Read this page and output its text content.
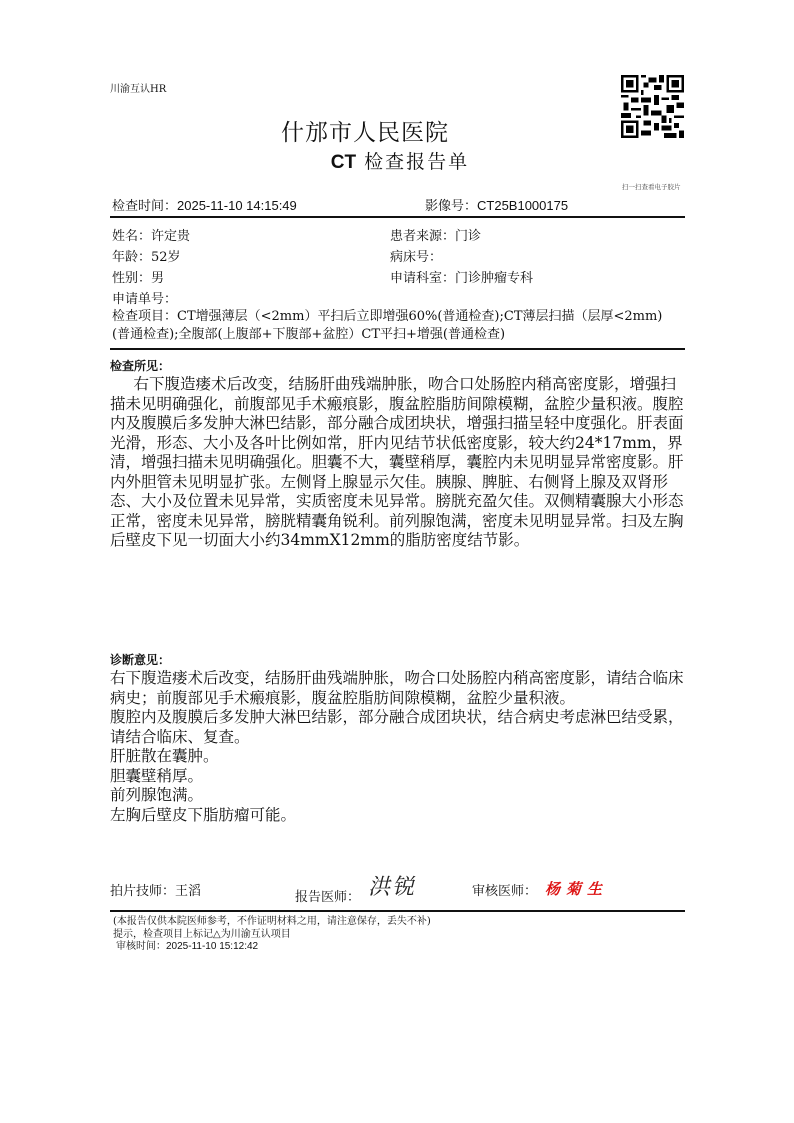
川渝互认HR
什邡市人民医院
CT 检查报告单
扫一扫查看电子胶片
检查时间：2025-11-10 14:15:49	影像号：CT25B1000175
姓名：许定贵	患者来源：门诊
年龄：52岁	病床号：
性别：男	申请科室：门诊肿瘤专科
申请单号：
检查项目：CT增强薄层（<2mm）平扫后立即增强60%(普通检查);CT薄层扫描（层厚<2mm)(普通检查);全腹部(上腹部+下腹部+盆腔）CT平扫+增强(普通检查)
检查所见：
　右下腹造瘘术后改变，结肠肝曲残端肿胀，吻合口处肠腔内稍高密度影，增强扫描未见明确强化，前腹部见手术瘢痕影，腹盆腔脂肪间隙模糊，盆腔少量积液。腹腔内及腹膜后多发肿大淋巴结影，部分融合成团块状，增强扫描呈轻中度强化。肝表面光滑，形态、大小及各叶比例如常，肝内见结节状低密度影，较大约24*17mm，界清，增强扫描未见明确强化。胆囊不大，囊壁稍厚，囊腔内未见明显异常密度影。肝内外胆管未见明显扩张。左侧肾上腺显示欠佳。胰腺、脾脏、右侧肾上腺及双肾形态、大小及位置未见异常，实质密度未见异常。膀胱充盈欠佳。双侧精囊腺大小形态正常，密度未见异常，膀胱精囊角锐利。前列腺饱满，密度未见明显异常。扫及左胸后壁皮下见一切面大小约34mmX12mm的脂肪密度结节影。
诊断意见：
右下腹造瘘术后改变，结肠肝曲残端肿胀，吻合口处肠腔内稍高密度影，请结合临床病史；前腹部见手术瘢痕影，腹盆腔脂肪间隙模糊，盆腔少量积液。
腹腔内及腹膜后多发肿大淋巴结影，部分融合成团块状，结合病史考虑淋巴结受累，请结合临床、复查。
肝脏散在囊肿。
胆囊壁稍厚。
前列腺饱满。
左胸后壁皮下脂肪瘤可能。
拍片技师：王滔	报告医师： 洪锐	审核医师： 杨菊生
(本报告仅供本院医师参考，不作证明材料之用，请注意保存，丢失不补)
提示，检查项目上标记△为川渝互认项目
审核时间：2025-11-10 15:12:42
